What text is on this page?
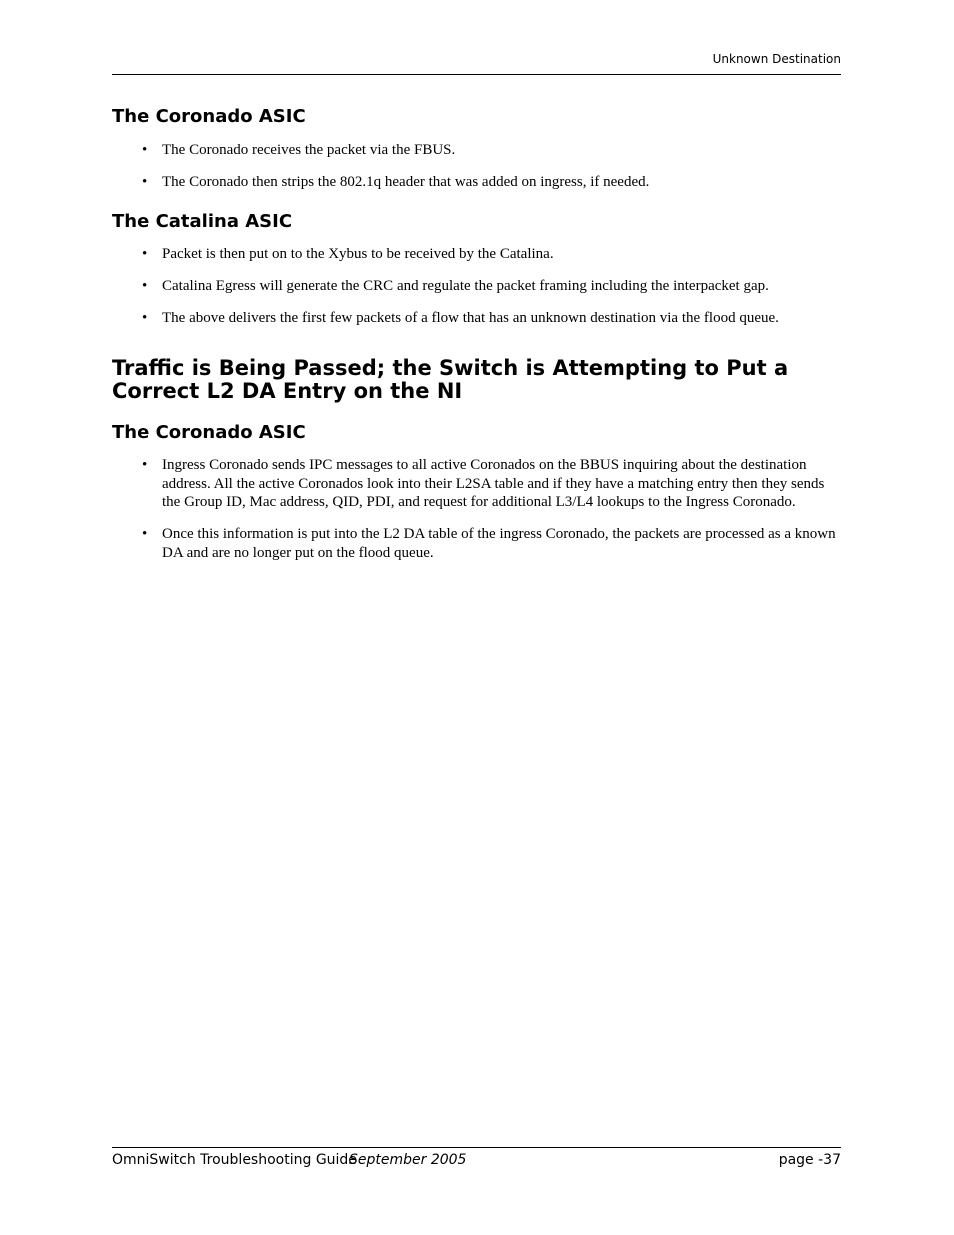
Unknown Destination
The Coronado ASIC
• The Coronado receives the packet via the FBUS.
• The Coronado then strips the 802.1q header that was added on ingress, if needed.
The Catalina ASIC
• Packet is then put on to the Xybus to be received by the Catalina.
• Catalina Egress will generate the CRC and regulate the packet framing including the interpacket gap.
• The above delivers the first few packets of a flow that has an unknown destination via the flood queue.
Traffic is Being Passed; the Switch is Attempting to Put a Correct L2 DA Entry on the NI
The Coronado ASIC
• Ingress Coronado sends IPC messages to all active Coronados on the BBUS inquiring about the destination address. All the active Coronados look into their L2SA table and if they have a matching entry then they sends the Group ID, Mac address, QID, PDI, and request for additional L3/L4 lookups to the Ingress Coronado.
• Once this information is put into the L2 DA table of the ingress Coronado, the packets are processed as a known DA and are no longer put on the flood queue.
OmniSwitch Troubleshooting Guide
September 2005	page -37
